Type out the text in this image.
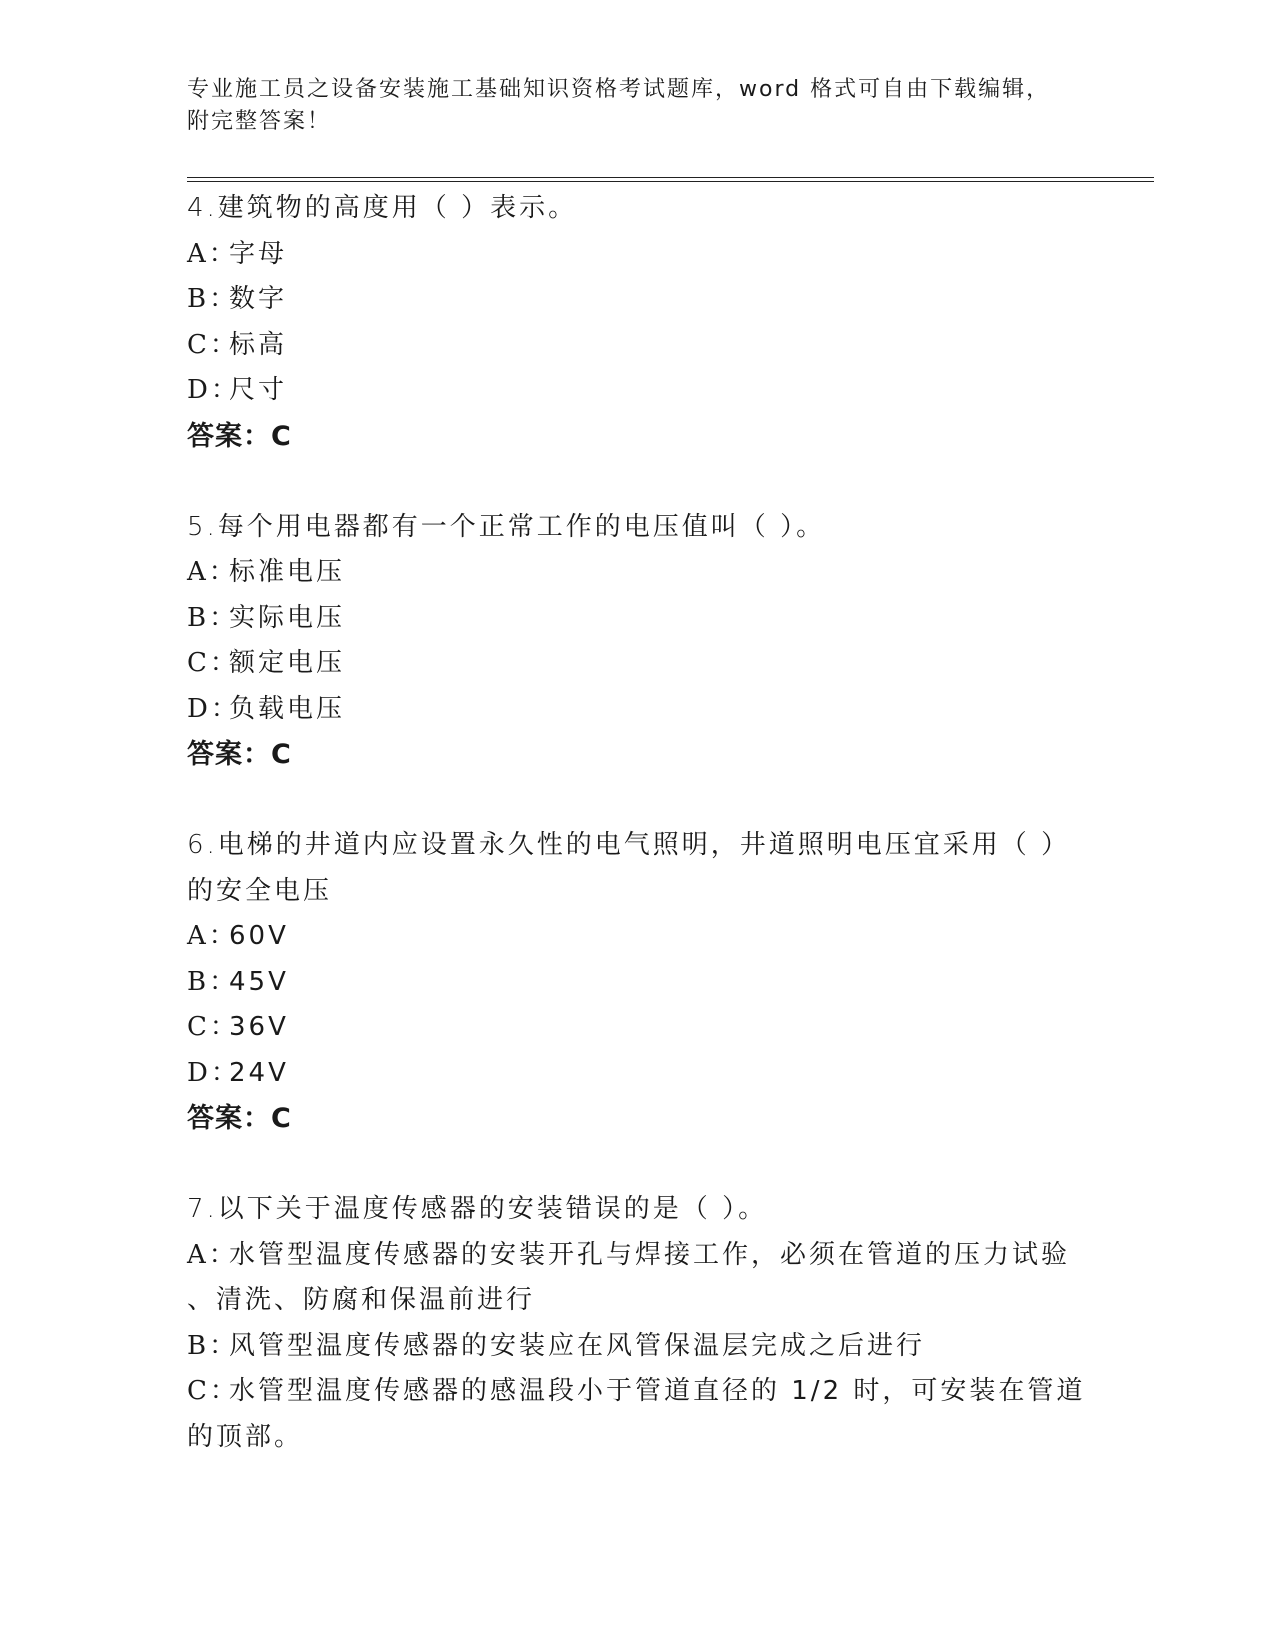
专业施工员之设备安装施工基础知识资格考试题库，word 格式可自由下载编辑，
附完整答案！
4.建筑物的高度用（ ）表示。
A：字母
B：数字
C：标高
D：尺寸
答案：C
5.每个用电器都有一个正常工作的电压值叫（ ）。
A：标准电压
B：实际电压
C：额定电压
D：负载电压
答案：C
6.电梯的井道内应设置永久性的电气照明，井道照明电压宜采用（ ）
的安全电压
A：60V
B：45V
C：36V
D：24V
答案：C
7.以下关于温度传感器的安装错误的是（ ）。
A：水管型温度传感器的安装开孔与焊接工作，必须在管道的压力试验
、清洗、防腐和保温前进行
B：风管型温度传感器的安装应在风管保温层完成之后进行
C：水管型温度传感器的感温段小于管道直径的 1/2 时，可安装在管道
的顶部。
